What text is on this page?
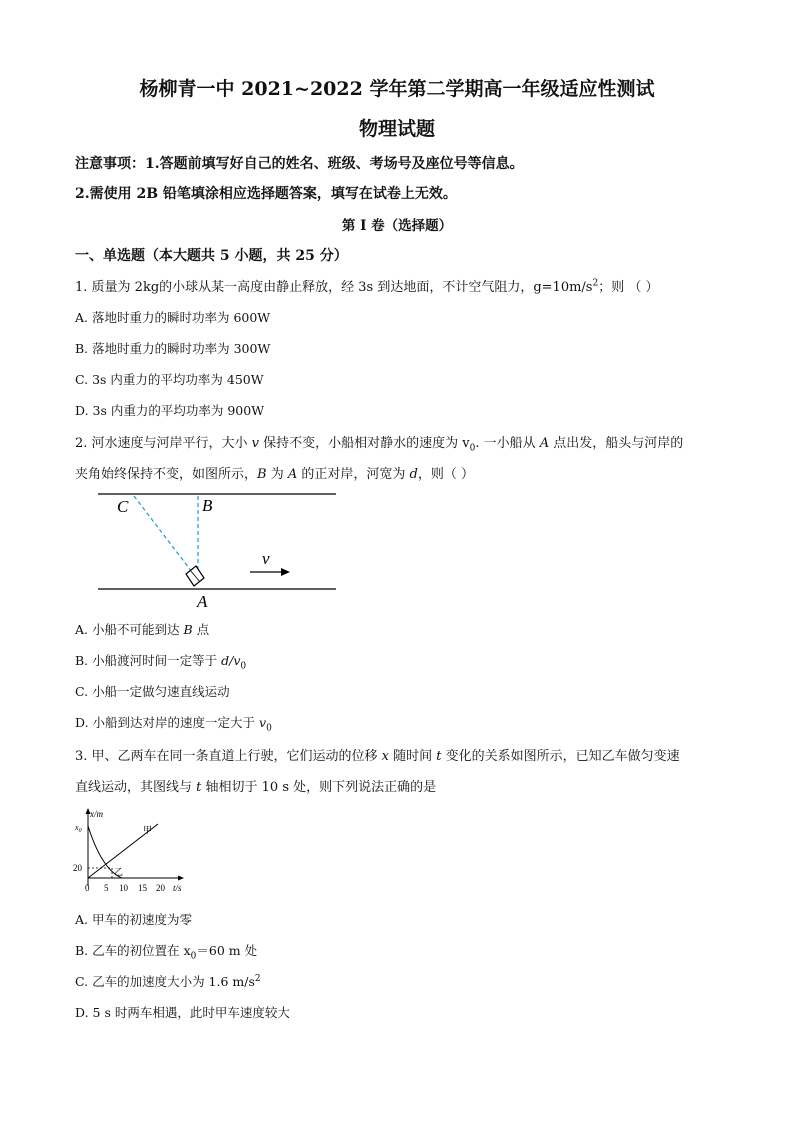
杨柳青一中 2021~2022 学年第二学期高一年级适应性测试
物理试题
注意事项：1.答题前填写好自己的姓名、班级、考场号及座位号等信息。
2.需使用 2B 铅笔填涂相应选择题答案，填写在试卷上无效。
第 I 卷（选择题）
一、单选题（本大题共 5 小题，共 25 分）
1. 质量为 2kg的小球从某一高度由静止释放，经 3s 到达地面，不计空气阻力，$g=10m/s^2$；则 （ ）
A. 落地时重力的瞬时功率为 600W
B. 落地时重力的瞬时功率为 300W
C. 3s 内重力的平均功率为 450W
D. 3s 内重力的平均功率为 900W
2. 河水速度与河岸平行，大小 v 保持不变，小船相对静水的速度为 $v_0$. 一小船从 A 点出发，船头与河岸的
夹角始终保持不变，如图所示，B 为 A 的正对岸，河宽为 d，则（ ）
C	B
v
A
A. 小船不可能到达 B 点
B. 小船渡河时间一定等于 $d/v_0$
C. 小船一定做匀速直线运动
D. 小船到达对岸的速度一定大于 $v_0$
3. 甲、乙两车在同一条直道上行驶，它们运动的位移 x 随时间 t 变化的关系如图所示，已知乙车做匀变速
直线运动，其图线与 t 轴相切于 10 s 处，则下列说法正确的是
x/m
$x_0$
20
0 5 10 15 20 t/s
甲
乙
A. 甲车的初速度为零
B. 乙车的初位置在 $x_0=60$ m 处
C. 乙车的加速度大小为 1.6 $m/s^2$
D. 5 s 时两车相遇，此时甲车速度较大
